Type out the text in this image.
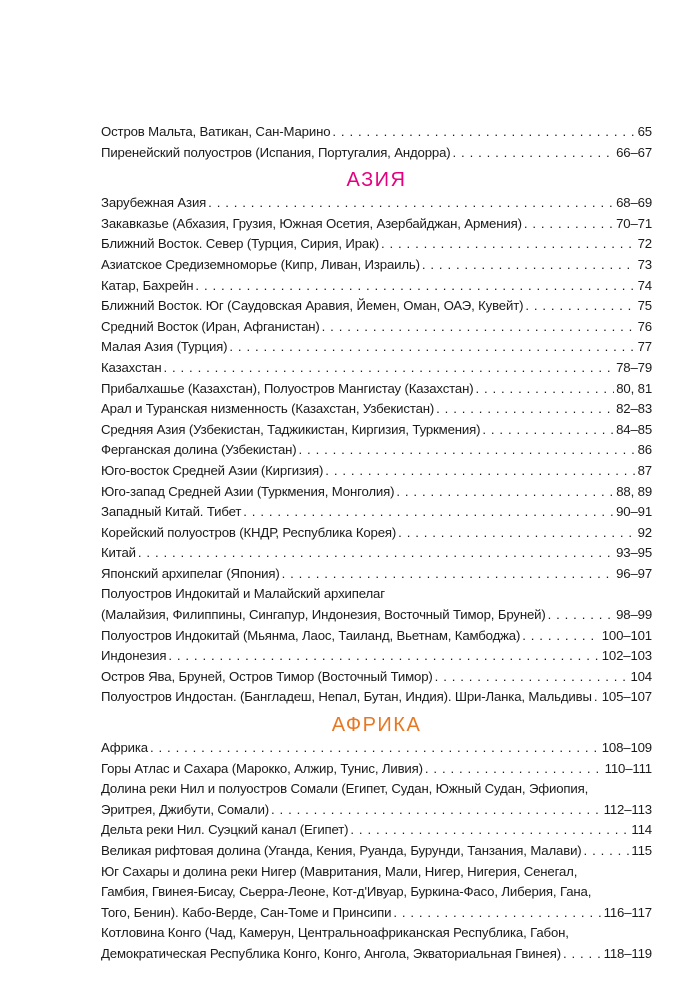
Остров Мальта, Ватикан, Сан-Марино . . .	65
Пиренейский полуостров (Испания, Португалия, Андорра) . . .	66–67
АЗИЯ
Зарубежная Азия . . .	68–69
Закавказье (Абхазия, Грузия, Южная Осетия, Азербайджан, Армения) . . .	70–71
Ближний Восток. Север (Турция, Сирия, Ирак) . . .	72
Азиатское Средиземноморье (Кипр, Ливан, Израиль) . . .	73
Катар, Бахрейн . . .	74
Ближний Восток. Юг (Саудовская Аравия, Йемен, Оман, ОАЭ, Кувейт) . . .	75
Средний Восток (Иран, Афганистан) . . .	76
Малая Азия (Турция) . . .	77
Казахстан . . .	78–79
Прибалхашье (Казахстан), Полуостров Мангистау (Казахстан) . . .	80, 81
Арал и Туранская низменность (Казахстан, Узбекистан) . . .	82–83
Средняя Азия (Узбекистан, Таджикистан, Киргизия, Туркмения) . . .	84–85
Ферганская долина (Узбекистан) . . .	86
Юго-восток Средней Азии (Киргизия) . . .	87
Юго-запад Средней Азии (Туркмения, Монголия) . . .	88, 89
Западный Китай. Тибет . . .	90–91
Корейский полуостров (КНДР, Республика Корея) . . .	92
Китай . . .	93–95
Японский архипелаг (Япония) . . .	96–97
Полуостров Индокитай и Малайский архипелаг
(Малайзия, Филиппины, Сингапур, Индонезия, Восточный Тимор, Бруней) . . .	98–99
Полуостров Индокитай (Мьянма, Лаос, Таиланд, Вьетнам, Камбоджа) . . .	100–101
Индонезия . . .	102–103
Остров Ява, Бруней, Остров Тимор (Восточный Тимор) . . .	104
Полуостров Индостан. (Бангладеш, Непал, Бутан, Индия). Шри-Ланка, Мальдивы . . . 105–107
АФРИКА
Африка . . .	108–109
Горы Атлас и Сахара (Марокко, Алжир, Тунис, Ливия) . . .	110–111
Долина реки Нил и полуостров Сомали (Египет, Судан, Южный Судан, Эфиопия,
Эритрея, Джибути, Сомали) . . .	112–113
Дельта реки Нил. Суэцкий канал (Египет) . . .	114
Великая рифтовая долина (Уганда, Кения, Руанда, Бурунди, Танзания, Малави) . . .	115
Юг Сахары и долина реки Нигер (Мавритания, Мали, Нигер, Нигерия, Сенегал,
Гамбия, Гвинея-Бисау, Сьерра-Леоне, Кот-д'Ивуар, Буркина-Фасо, Либерия, Гана,
Того, Бенин). Кабо-Верде, Сан-Томе и Принсипи . . .	116–117
Котловина Конго (Чад, Камерун, Центральноафриканская Республика, Габон,
Демократическая Республика Конго, Конго, Ангола, Экваториальная Гвинея) . . .	118–119
